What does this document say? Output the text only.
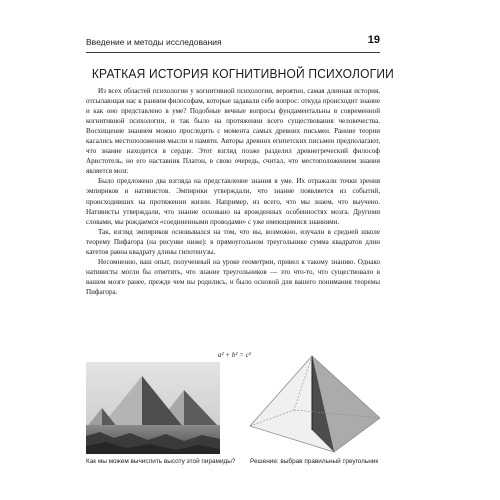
Введение и методы исследования	19
КРАТКАЯ ИСТОРИЯ КОГНИТИВНОЙ ПСИХОЛОГИИ

Из всех областей психологии у когнитивной психологии, вероятно, самая длинная история, отсылающая нас к ранним философам, которые задавали себе вопрос: откуда происходит знание и как оно представлено в уме? Подобные вечные вопросы фундаментальны в современной когнитивной психологии, и так было на протяжении всего существования человечества. Восхищение знанием можно проследить с момента самых древних письмен. Ранние теории касались местоположения мысли и памяти. Авторы древних египетских письмен предполагают, что знание находится в сердце. Этот взгляд позже разделил древнегреческий философ Аристотель, но его наставник Платон, в свою очередь, считал, что местоположением знания является мозг.

Было предложено два взгляда на представление знания в уме. Их отражали точки зрения эмпириков и нативистов. Эмпирики утверждали, что знание появляется из событий, происходивших на протяжении жизни. Например, из всего, что мы знаем, что выучено. Нативисты утверждали, что знание основано на врожденных особенностях мозга. Другими словами, мы рождаемся «соединенными проводами» с уже имеющимися знаниями.

Так, взгляд эмпириков основывался на том, что вы, возможно, изучали в средней школе теорему Пифагора (на рисунке ниже): в прямоугольном треугольнике сумма квадратов длин катетов равна квадрату длины гипотенузы.

Несомненно, ваш опыт, полученный на уроке геометрии, привел к такому знанию. Однако нативисты могли бы ответить, что знание треугольников — это что-то, что существовало в вашем мозге ранее, прежде чем вы родились, и было основой для вашего понимания теоремы Пифагора.

a² + b² = c²
Как мы можем вычислить высоту этой пирамиды? Решение: выбрав правильный треугольник
